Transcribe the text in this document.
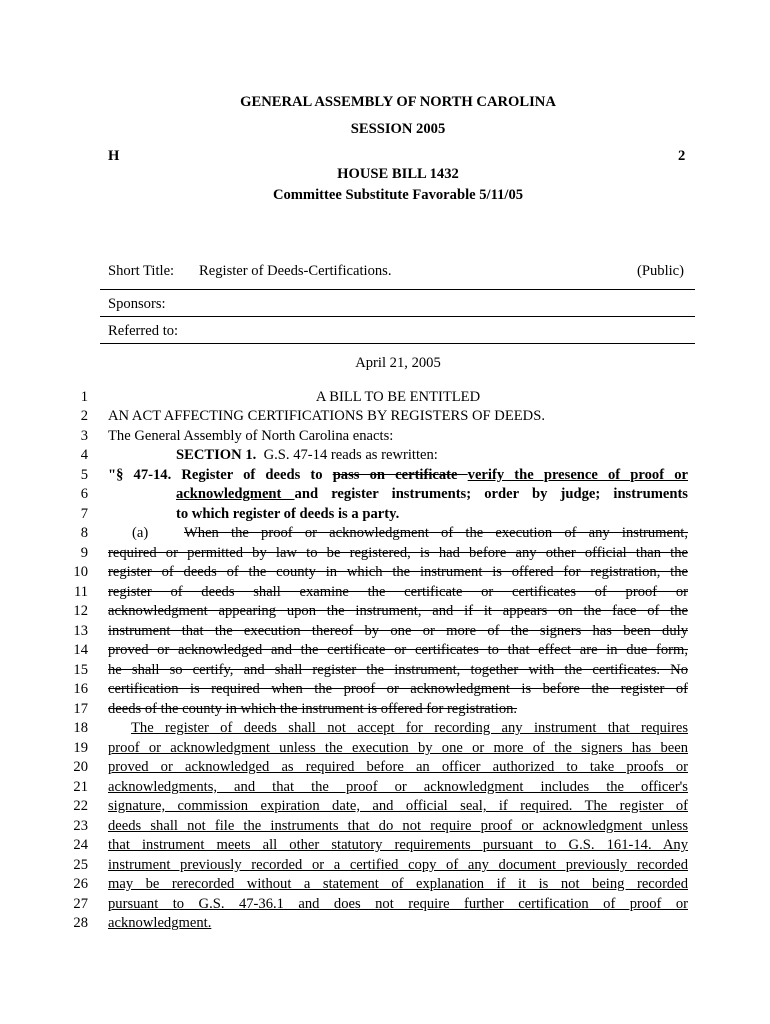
GENERAL ASSEMBLY OF NORTH CAROLINA
SESSION 2005
H	2
HOUSE BILL 1432
Committee Substitute Favorable 5/11/05
Short Title: Register of Deeds-Certifications.	(Public)
Sponsors:
Referred to:
April 21, 2005
1
2
3
4
5
6
7
8
9
10
11
12
13
14
15
16
17
18
19
20
21
22
23
24
25
26
27
28
A BILL TO BE ENTITLED
AN ACT AFFECTING CERTIFICATIONS BY REGISTERS OF DEEDS.
The General Assembly of North Carolina enacts:
SECTION 1. G.S. 47-14 reads as rewritten:
"§ 47-14. Register of deeds to pass on certificate verify the presence of proof or
acknowledgment and register instruments; order by judge; instruments
to which register of deeds is a party.
(a) When the proof or acknowledgment of the execution of any instrument,
required or permitted by law to be registered, is had before any other official than the
register of deeds of the county in which the instrument is offered for registration, the
register of deeds shall examine the certificate or certificates of proof or
acknowledgment appearing upon the instrument, and if it appears on the face of the
instrument that the execution thereof by one or more of the signers has been duly
proved or acknowledged and the certificate or certificates to that effect are in due form,
he shall so certify, and shall register the instrument, together with the certificates. No
certification is required when the proof or acknowledgment is before the register of
deeds of the county in which the instrument is offered for registration.
The register of deeds shall not accept for recording any instrument that requires
proof or acknowledgment unless the execution by one or more of the signers has been
proved or acknowledged as required before an officer authorized to take proofs or
acknowledgments, and that the proof or acknowledgment includes the officer's
signature, commission expiration date, and official seal, if required. The register of
deeds shall not file the instruments that do not require proof or acknowledgment unless
that instrument meets all other statutory requirements pursuant to G.S. 161-14. Any
instrument previously recorded or a certified copy of any document previously recorded
may be rerecorded without a statement of explanation if it is not being recorded
pursuant to G.S. 47-36.1 and does not require further certification of proof or
acknowledgment.
